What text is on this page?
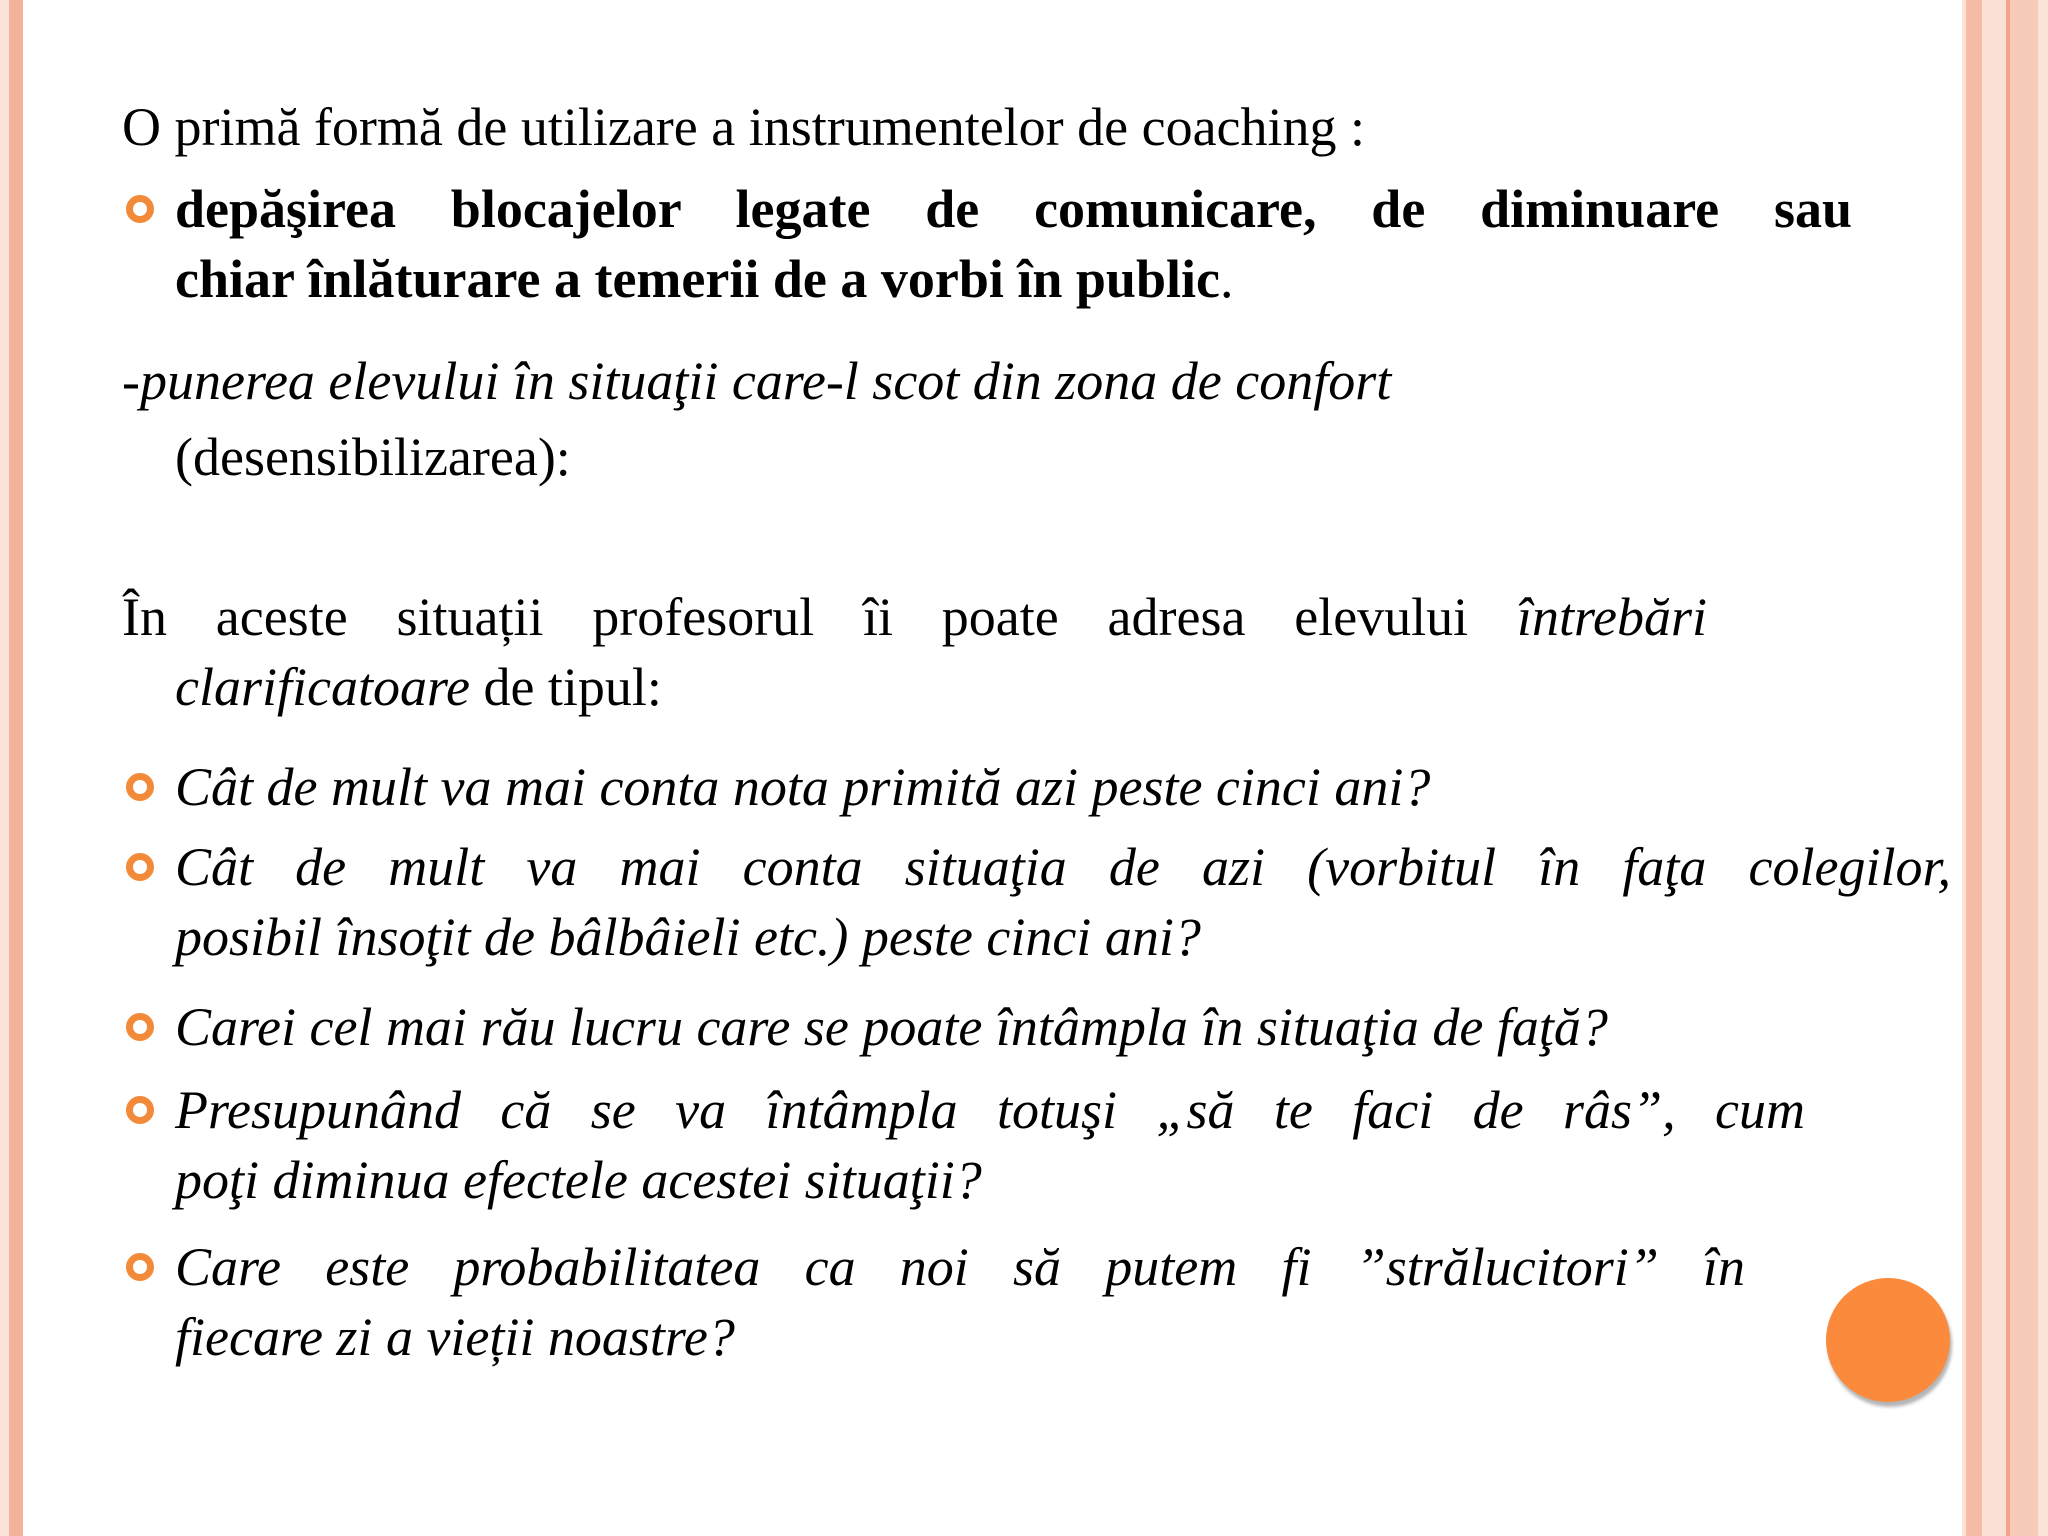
O primă formă de utilizare a instrumentelor de coaching :
depăşirea blocajelor legate de comunicare, de diminuare sau
chiar înlăturare a temerii de a vorbi în public.
-punerea elevului în situaţii care-l scot din zona de confort
(desensibilizarea):
În aceste situații profesorul îi poate adresa elevului întrebări
clarificatoare de tipul:
Cât de mult va mai conta nota primită azi peste cinci ani?
Cât de mult va mai conta situaţia de azi (vorbitul în faţa colegilor,
posibil însoţit de bâlbâieli etc.) peste cinci ani?
Carei cel mai rău lucru care se poate întâmpla în situaţia de faţă?
Presupunând că se va întâmpla totuşi „să te faci de râs”, cum
poţi diminua efectele acestei situaţii?
Care este probabilitatea ca noi să putem fi ”strălucitori” în
fiecare zi a vieții noastre?
